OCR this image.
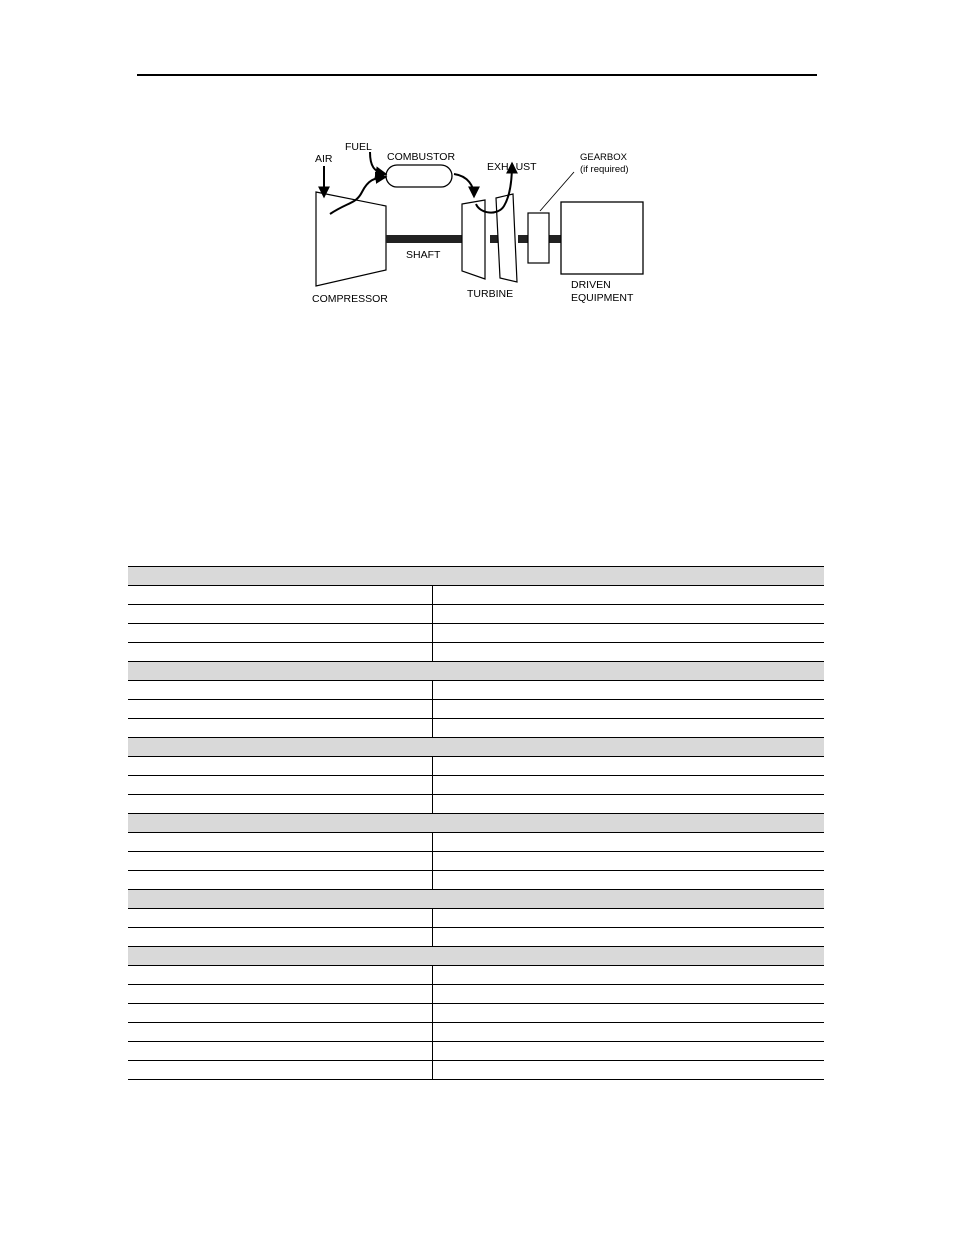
AIR
FUEL
COMBUSTOR
EXHAUST
GEARBOX
(if required)
SHAFT
COMPRESSOR	TURBINE
DRIVEN
EQUIPMENT
